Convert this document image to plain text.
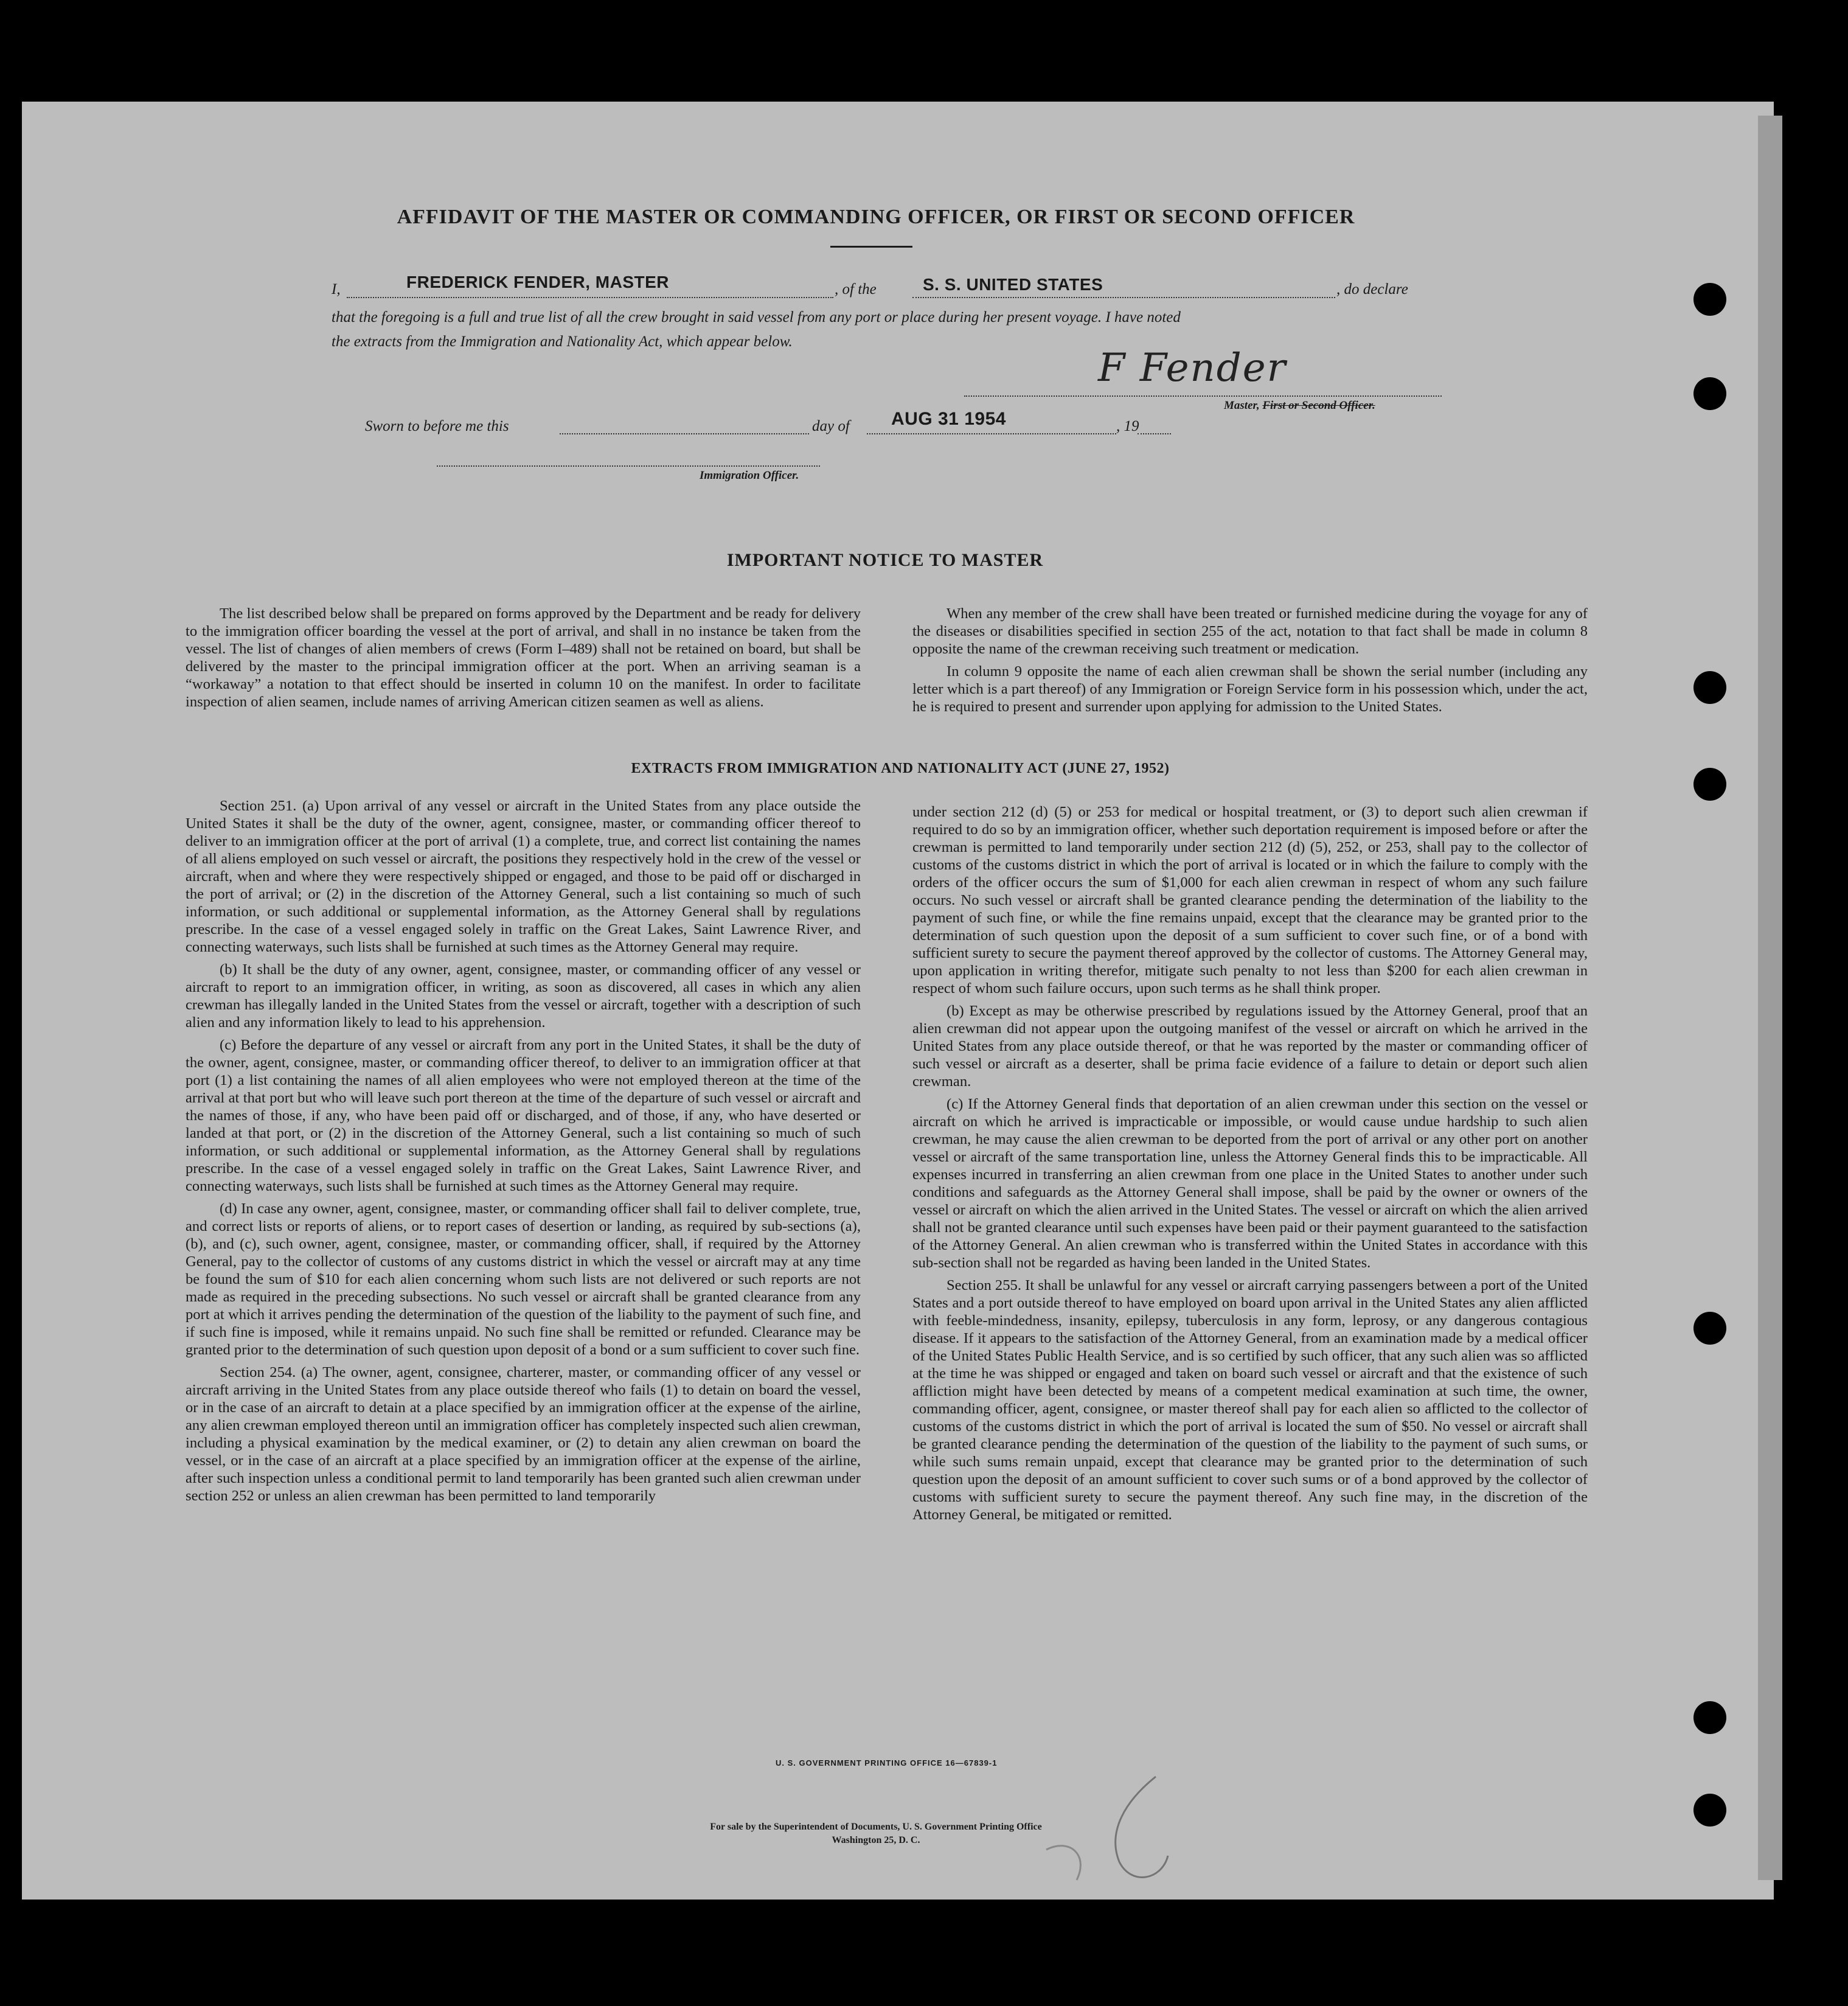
AFFIDAVIT OF THE MASTER OR COMMANDING OFFICER, OR FIRST OR SECOND OFFICER
I,	FREDERICK FENDER, MASTER	, of the	S. S. UNITED STATES	, do declare
that the foregoing is a full and true list of all the crew brought in said vessel from any port or place during her present voyage. I have noted
the extracts from the Immigration and Nationality Act, which appear below.
F Fender
Master, First or Second Officer.
Sworn to before me this	day of AUG 31 1954	, 19
Immigration Officer.
IMPORTANT NOTICE TO MASTER

The list described below shall be prepared on forms approved by the Department and be ready for delivery to the immigration officer boarding the vessel at the port of arrival, and shall in no instance be taken from the vessel. The list of changes of alien members of crews (Form I–489) shall not be retained on board, but shall be delivered by the master to the principal immigration officer at the port. When an arriving seaman is a “workaway” a notation to that effect should be inserted in column 10 on the manifest. In order to facilitate inspection of alien seamen, include names of arriving American citizen seamen as well as aliens.

When any member of the crew shall have been treated or furnished medicine during the voyage for any of the diseases or disabilities specified in section 255 of the act, notation to that fact shall be made in column 8 opposite the name of the crewman receiving such treatment or medication.

In column 9 opposite the name of each alien crewman shall be shown the serial number (including any letter which is a part thereof) of any Immigration or Foreign Service form in his possession which, under the act, he is required to present and surrender upon applying for admission to the United States.

EXTRACTS FROM IMMIGRATION AND NATIONALITY ACT (JUNE 27, 1952)

Section 251. (a) Upon arrival of any vessel or aircraft in the United States from any place outside the United States it shall be the duty of the owner, agent, consignee, master, or commanding officer thereof to deliver to an immigration officer at the port of arrival (1) a complete, true, and correct list containing the names of all aliens employed on such vessel or aircraft, the positions they respectively hold in the crew of the vessel or aircraft, when and where they were respectively shipped or engaged, and those to be paid off or discharged in the port of arrival; or (2) in the discretion of the Attorney General, such a list containing so much of such information, or such additional or supplemental information, as the Attorney General shall by regulations prescribe. In the case of a vessel engaged solely in traffic on the Great Lakes, Saint Lawrence River, and connecting waterways, such lists shall be furnished at such times as the Attorney General may require.

(b) It shall be the duty of any owner, agent, consignee, master, or commanding officer of any vessel or aircraft to report to an immigration officer, in writing, as soon as discovered, all cases in which any alien crewman has illegally landed in the United States from the vessel or aircraft, together with a description of such alien and any information likely to lead to his apprehension.

(c) Before the departure of any vessel or aircraft from any port in the United States, it shall be the duty of the owner, agent, consignee, master, or commanding officer thereof, to deliver to an immigration officer at that port (1) a list containing the names of all alien employees who were not employed thereon at the time of the arrival at that port but who will leave such port thereon at the time of the departure of such vessel or aircraft and the names of those, if any, who have been paid off or discharged, and of those, if any, who have deserted or landed at that port, or (2) in the discretion of the Attorney General, such a list containing so much of such information, or such additional or supplemental information, as the Attorney General shall by regulations prescribe. In the case of a vessel engaged solely in traffic on the Great Lakes, Saint Lawrence River, and connecting waterways, such lists shall be furnished at such times as the Attorney General may require.

(d) In case any owner, agent, consignee, master, or commanding officer shall fail to deliver complete, true, and correct lists or reports of aliens, or to report cases of desertion or landing, as required by sub-sections (a), (b), and (c), such owner, agent, consignee, master, or commanding officer, shall, if required by the Attorney General, pay to the collector of customs of any customs district in which the vessel or aircraft may at any time be found the sum of $10 for each alien concerning whom such lists are not delivered or such reports are not made as required in the preceding subsections. No such vessel or aircraft shall be granted clearance from any port at which it arrives pending the determination of the question of the liability to the payment of such fine, and if such fine is imposed, while it remains unpaid. No such fine shall be remitted or refunded. Clearance may be granted prior to the determination of such question upon deposit of a bond or a sum sufficient to cover such fine.

Section 254. (a) The owner, agent, consignee, charterer, master, or commanding officer of any vessel or aircraft arriving in the United States from any place outside thereof who fails (1) to detain on board the vessel, or in the case of an aircraft to detain at a place specified by an immigration officer at the expense of the airline, any alien crewman employed thereon until an immigration officer has completely inspected such alien crewman, including a physical examination by the medical examiner, or (2) to detain any alien crewman on board the vessel, or in the case of an aircraft at a place specified by an immigration officer at the expense of the airline, after such inspection unless a conditional permit to land temporarily has been granted such alien crewman under section 252 or unless an alien crewman has been permitted to land temporarily

under section 212 (d) (5) or 253 for medical or hospital treatment, or (3) to deport such alien crewman if required to do so by an immigration officer, whether such deportation requirement is imposed before or after the crewman is permitted to land temporarily under section 212 (d) (5), 252, or 253, shall pay to the collector of customs of the customs district in which the port of arrival is located or in which the failure to comply with the orders of the officer occurs the sum of $1,000 for each alien crewman in respect of whom any such failure occurs. No such vessel or aircraft shall be granted clearance pending the determination of the liability to the payment of such fine, or while the fine remains unpaid, except that the clearance may be granted prior to the determination of such question upon the deposit of a sum sufficient to cover such fine, or of a bond with sufficient surety to secure the payment thereof approved by the collector of customs. The Attorney General may, upon application in writing therefor, mitigate such penalty to not less than $200 for each alien crewman in respect of whom such failure occurs, upon such terms as he shall think proper.

(b) Except as may be otherwise prescribed by regulations issued by the Attorney General, proof that an alien crewman did not appear upon the outgoing manifest of the vessel or aircraft on which he arrived in the United States from any place outside thereof, or that he was reported by the master or commanding officer of such vessel or aircraft as a deserter, shall be prima facie evidence of a failure to detain or deport such alien crewman.

(c) If the Attorney General finds that deportation of an alien crewman under this section on the vessel or aircraft on which he arrived is impracticable or impossible, or would cause undue hardship to such alien crewman, he may cause the alien crewman to be deported from the port of arrival or any other port on another vessel or aircraft of the same transportation line, unless the Attorney General finds this to be impracticable. All expenses incurred in transferring an alien crewman from one place in the United States to another under such conditions and safeguards as the Attorney General shall impose, shall be paid by the owner or owners of the vessel or aircraft on which the alien arrived in the United States. The vessel or aircraft on which the alien arrived shall not be granted clearance until such expenses have been paid or their payment guaranteed to the satisfaction of the Attorney General. An alien crewman who is transferred within the United States in accordance with this sub-section shall not be regarded as having been landed in the United States.

Section 255. It shall be unlawful for any vessel or aircraft carrying passengers between a port of the United States and a port outside thereof to have employed on board upon arrival in the United States any alien afflicted with feeble-mindedness, insanity, epilepsy, tuberculosis in any form, leprosy, or any dangerous contagious disease. If it appears to the satisfaction of the Attorney General, from an examination made by a medical officer of the United States Public Health Service, and is so certified by such officer, that any such alien was so afflicted at the time he was shipped or engaged and taken on board such vessel or aircraft and that the existence of such affliction might have been detected by means of a competent medical examination at such time, the owner, commanding officer, agent, consignee, or master thereof shall pay for each alien so afflicted to the collector of customs of the customs district in which the port of arrival is located the sum of $50. No vessel or aircraft shall be granted clearance pending the determination of the question of the liability to the payment of such sums, or while such sums remain unpaid, except that clearance may be granted prior to the determination of such question upon the deposit of an amount sufficient to cover such sums or of a bond approved by the collector of customs with sufficient surety to secure the payment thereof. Any such fine may, in the discretion of the Attorney General, be mitigated or remitted.

U. S. GOVERNMENT PRINTING OFFICE 16—67839-1
For sale by the Superintendent of Documents, U. S. Government Printing Office
Washington 25, D. C.
